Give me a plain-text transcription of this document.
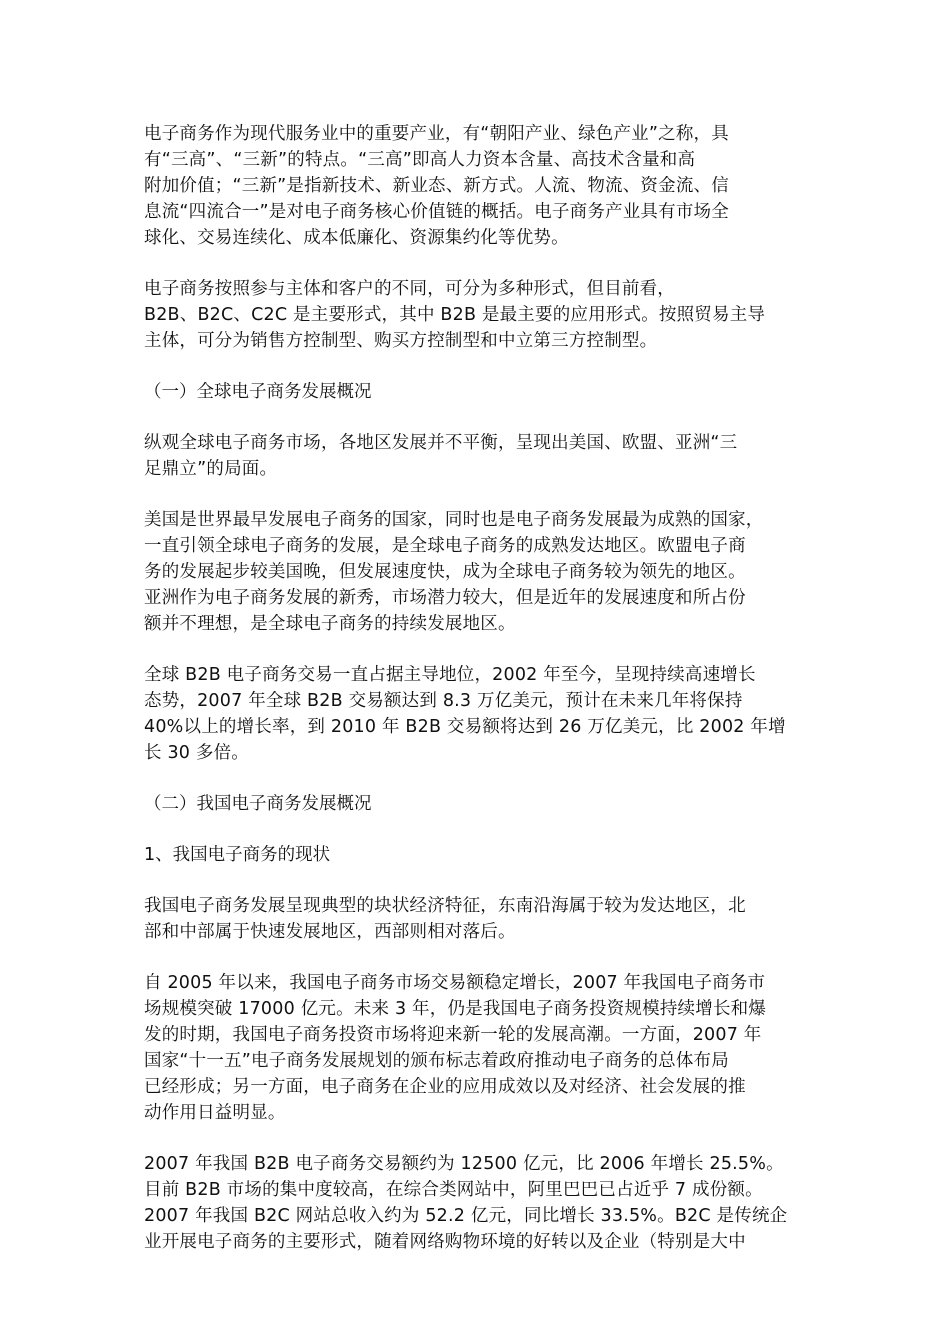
电子商务作为现代服务业中的重要产业，有“朝阳产业、绿色产业”之称，具
有“三高”、“三新”的特点。“三高”即高人力资本含量、高技术含量和高
附加价值；“三新”是指新技术、新业态、新方式。人流、物流、资金流、信
息流“四流合一”是对电子商务核心价值链的概括。电子商务产业具有市场全
球化、交易连续化、成本低廉化、资源集约化等优势。

电子商务按照参与主体和客户的不同，可分为多种形式，但目前看，
B2B、B2C、C2C 是主要形式，其中 B2B 是最主要的应用形式。按照贸易主导
主体，可分为销售方控制型、购买方控制型和中立第三方控制型。

（一）全球电子商务发展概况

纵观全球电子商务市场，各地区发展并不平衡，呈现出美国、欧盟、亚洲“三
足鼎立”的局面。

美国是世界最早发展电子商务的国家，同时也是电子商务发展最为成熟的国家，
一直引领全球电子商务的发展，是全球电子商务的成熟发达地区。欧盟电子商
务的发展起步较美国晚，但发展速度快，成为全球电子商务较为领先的地区。
亚洲作为电子商务发展的新秀，市场潜力较大，但是近年的发展速度和所占份
额并不理想，是全球电子商务的持续发展地区。

全球 B2B 电子商务交易一直占据主导地位，2002 年至今，呈现持续高速增长
态势，2007 年全球 B2B 交易额达到 8.3 万亿美元，预计在未来几年将保持
40%以上的增长率，到 2010 年 B2B 交易额将达到 26 万亿美元，比 2002 年增
长 30 多倍。

（二）我国电子商务发展概况

1、我国电子商务的现状

我国电子商务发展呈现典型的块状经济特征，东南沿海属于较为发达地区，北
部和中部属于快速发展地区，西部则相对落后。

自 2005 年以来，我国电子商务市场交易额稳定增长，2007 年我国电子商务市
场规模突破 17000 亿元。未来 3 年，仍是我国电子商务投资规模持续增长和爆
发的时期，我国电子商务投资市场将迎来新一轮的发展高潮。一方面，2007 年
国家“十一五”电子商务发展规划的颁布标志着政府推动电子商务的总体布局
已经形成；另一方面，电子商务在企业的应用成效以及对经济、社会发展的推
动作用日益明显。

2007 年我国 B2B 电子商务交易额约为 12500 亿元，比 2006 年增长 25.5%。
目前 B2B 市场的集中度较高，在综合类网站中，阿里巴巴已占近乎 7 成份额。
2007 年我国 B2C 网站总收入约为 52.2 亿元，同比增长 33.5%。B2C 是传统企
业开展电子商务的主要形式，随着网络购物环境的好转以及企业（特别是大中
